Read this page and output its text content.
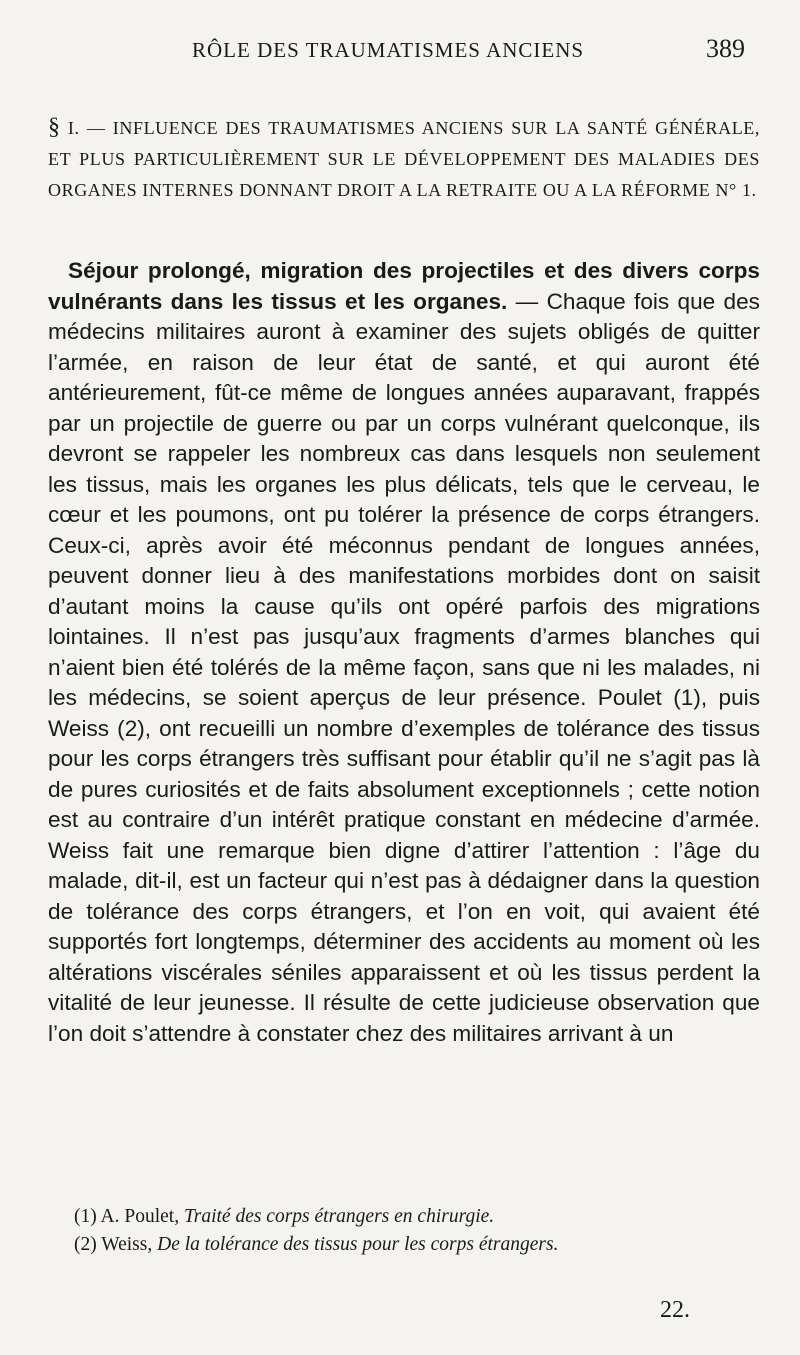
RÔLE DES TRAUMATISMES ANCIENS	389
§ I. — INFLUENCE DES TRAUMATISMES ANCIENS SUR LA SANTÉ GÉNÉRALE, ET PLUS PARTICULIÈREMENT SUR LE DÉVELOPPEMENT DES MALADIES DES ORGANES INTERNES DONNANT DROIT A LA RETRAITE OU A LA RÉFORME N° 1.

Séjour prolongé, migration des projectiles et des divers corps vulnérants dans les tissus et les organes. — Chaque fois que des médecins militaires auront à examiner des sujets obligés de quitter l’armée, en raison de leur état de santé, et qui auront été antérieurement, fût-ce même de longues années auparavant, frappés par un projectile de guerre ou par un corps vulnérant quelconque, ils devront se rappeler les nombreux cas dans lesquels non seulement les tissus, mais les organes les plus délicats, tels que le cerveau, le cœur et les poumons, ont pu tolérer la présence de corps étrangers. Ceux-ci, après avoir été méconnus pendant de longues années, peuvent donner lieu à des manifestations morbides dont on saisit d’autant moins la cause qu’ils ont opéré parfois des migrations lointaines. Il n’est pas jusqu’aux fragments d’armes blanches qui n’aient bien été tolérés de la même façon, sans que ni les malades, ni les médecins, se soient aperçus de leur présence. Poulet (1), puis Weiss (2), ont recueilli un nombre d’exemples de tolérance des tissus pour les corps étrangers très suffisant pour établir qu’il ne s’agit pas là de pures curiosités et de faits absolument exceptionnels ; cette notion est au contraire d’un intérêt pratique constant en médecine d’armée. Weiss fait une remarque bien digne d’attirer l’attention : l’âge du malade, dit-il, est un facteur qui n’est pas à dédaigner dans la question de tolérance des corps étrangers, et l’on en voit, qui avaient été supportés fort longtemps, déterminer des accidents au moment où les altérations viscérales séniles apparaissent et où les tissus perdent la vitalité de leur jeunesse. Il résulte de cette judicieuse observation que l’on doit s’attendre à constater chez des militaires arrivant à un

(1) A. Poulet, Traité des corps étrangers en chirurgie.

(2) Weiss, De la tolérance des tissus pour les corps étrangers.

22.
